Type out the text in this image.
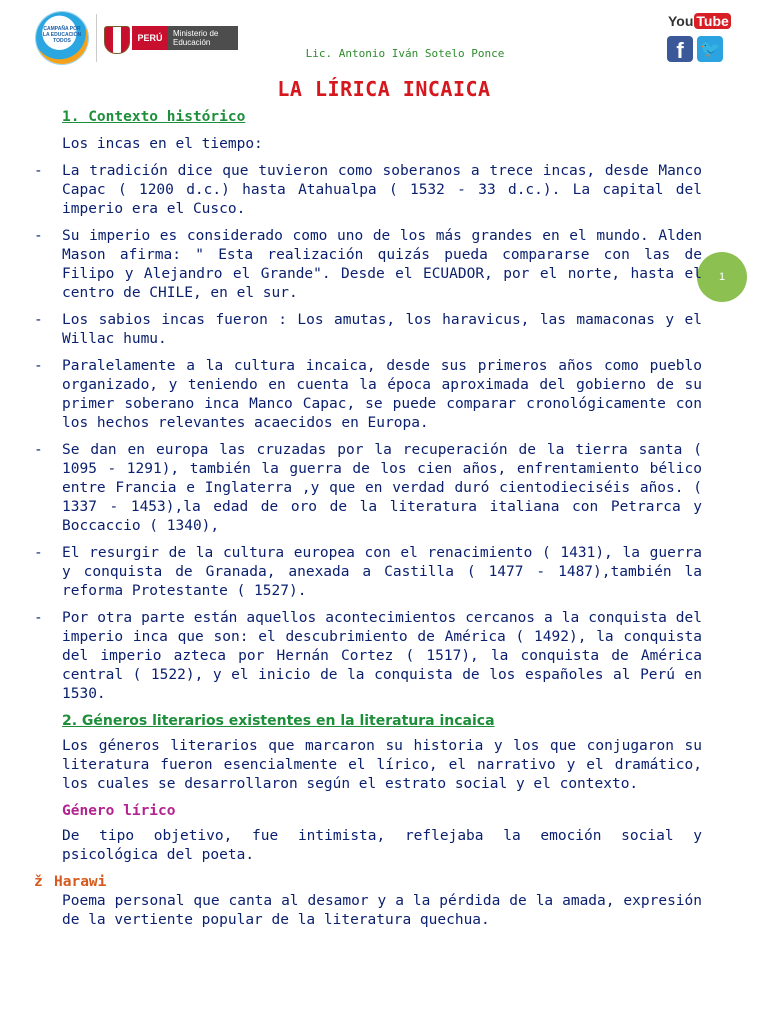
CAMPAÑA POR LA EDUCACIÓN TODOS	PERÚ	Ministerio de Educación
Lic. Antonio Iván Sotelo Ponce
You Tube
f	🐦
1
LA LÍRICA INCAICA
1. Contexto histórico
Los incas en el tiempo:
-	La tradición dice que tuvieron como soberanos a trece incas, desde Manco Capac ( 1200 d.c.) hasta Atahualpa ( 1532 - 33 d.c.). La capital del imperio era el Cusco.
-	Su imperio es considerado como uno de los más grandes en el mundo. Alden Mason afirma: " Esta realización quizás pueda compararse con las de Filipo y Alejandro el Grande". Desde el ECUADOR, por el norte, hasta el centro de CHILE, en el sur.
-	Los sabios incas fueron : Los amutas, los haravicus, las mamaconas y el Willac humu.
-	Paralelamente a la cultura incaica, desde sus primeros años como pueblo organizado, y teniendo en cuenta la época aproximada del gobierno de su primer soberano inca Manco Capac, se puede comparar cronológicamente con los hechos relevantes acaecidos en Europa.
-	Se dan en europa las cruzadas por la recuperación de la tierra santa ( 1095 - 1291), también la guerra de los cien años, enfrentamiento bélico entre Francia e Inglaterra ,y que en verdad duró cientodieciséis años. ( 1337 - 1453),la edad de oro de la literatura italiana con Petrarca y Boccaccio ( 1340),
-	El resurgir de la cultura europea con el renacimiento ( 1431), la guerra y conquista de Granada, anexada a Castilla ( 1477 - 1487),también la reforma Protestante ( 1527).
-	Por otra parte están aquellos acontecimientos cercanos a la conquista del imperio inca que son: el descubrimiento de América ( 1492), la conquista del imperio azteca por Hernán Cortez ( 1517), la conquista de América central ( 1522), y el inicio de la conquista de los españoles al Perú en 1530.
2. Géneros literarios existentes en la literatura incaica
Los géneros literarios que marcaron su historia y los que conjugaron su literatura fueron esencialmente el lírico, el narrativo y el dramático, los cuales se desarrollaron según el estrato social y el contexto.
Género lírico
De tipo objetivo, fue intimista, reflejaba la emoción social y psicológica del poeta.
ž Harawi
Poema personal que canta al desamor y a la pérdida de la amada, expresión de la vertiente popular de la literatura quechua.
